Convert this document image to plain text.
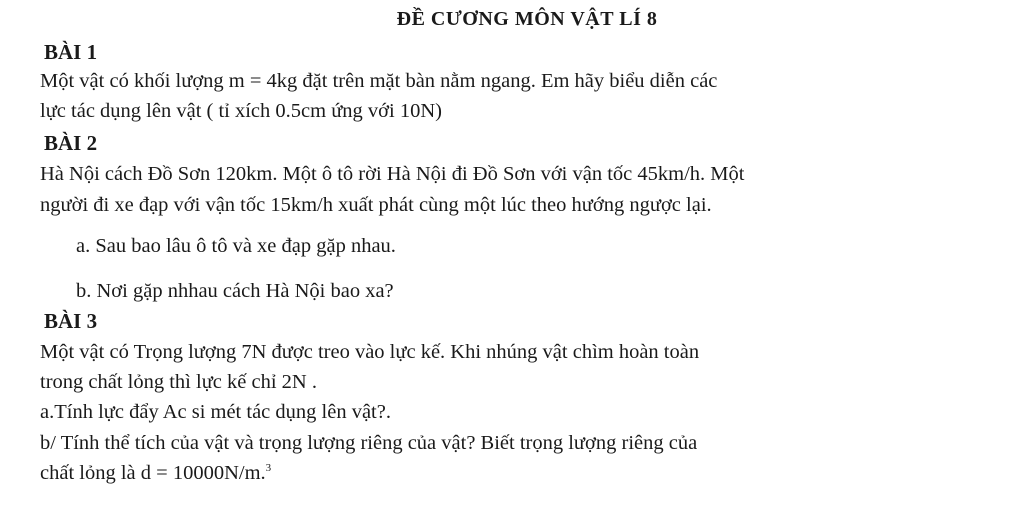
ĐỀ CƯƠNG MÔN VẬT LÍ 8
BÀI 1
Một vật có khối lượng m = 4kg đặt trên mặt bàn nằm ngang. Em hãy biểu diễn các
lực tác dụng lên vật ( tỉ xích 0.5cm ứng với 10N)
BÀI 2
Hà Nội cách Đồ Sơn 120km. Một ô tô rời Hà Nội đi Đồ Sơn với vận tốc 45km/h. Một
người đi xe đạp với vận tốc 15km/h xuất phát cùng một lúc theo hướng ngược lại.
a. Sau bao lâu ô tô và xe đạp gặp nhau.
b. Nơi gặp nhhau cách Hà Nội bao xa?
BÀI 3
Một vật có Trọng lượng 7N được treo vào lực kế. Khi nhúng vật chìm hoàn toàn
trong chất lỏng thì lực kế chỉ 2N .
a.Tính lực đẩy Ac si mét tác dụng lên vật?.
b/ Tính thể tích của vật và trọng lượng riêng của vật? Biết trọng lượng riêng của
chất lỏng là d = 10000N/m.$^3$
